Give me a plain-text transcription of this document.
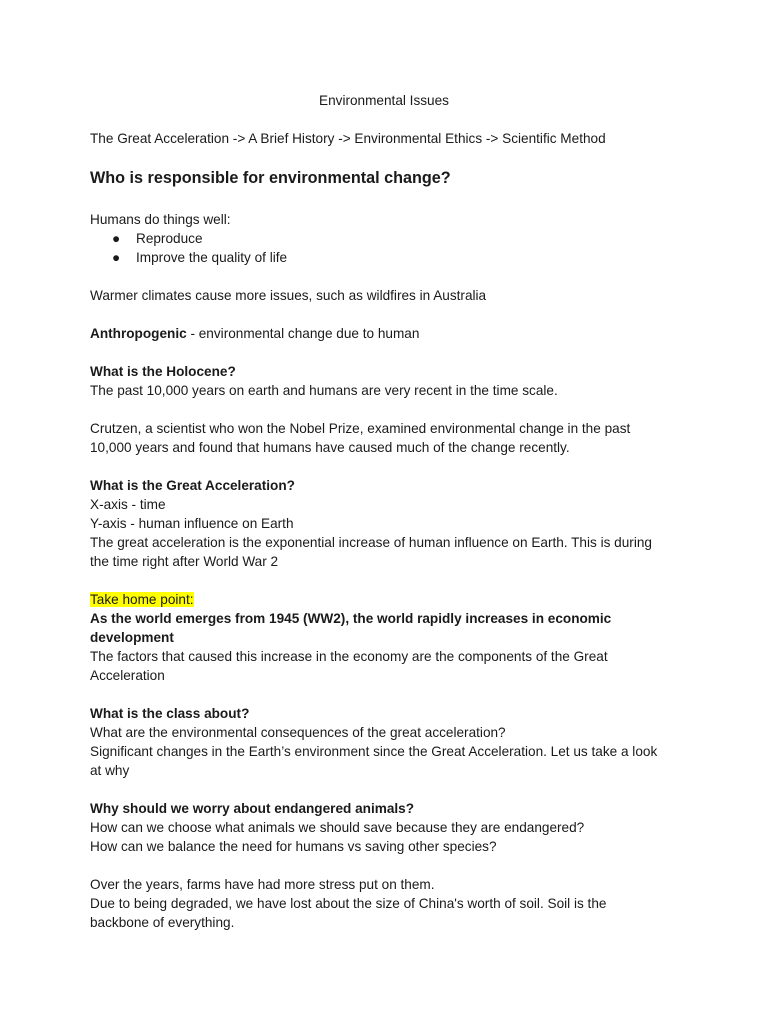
Environmental Issues
The Great Acceleration -> A Brief History -> Environmental Ethics -> Scientific Method
Who is responsible for environmental change?

Humans do things well:

● Reproduce
● Improve the quality of life

Warmer climates cause more issues, such as wildfires in Australia

Anthropogenic - environmental change due to human

What is the Holocene?

The past 10,000 years on earth and humans are very recent in the time scale.

Crutzen, a scientist who won the Nobel Prize, examined environmental change in the past

10,000 years and found that humans have caused much of the change recently.

What is the Great Acceleration?

X-axis - time

Y-axis - human influence on Earth

The great acceleration is the exponential increase of human influence on Earth. This is during

the time right after World War 2

Take home point:

As the world emerges from 1945 (WW2), the world rapidly increases in economic

development

The factors that caused this increase in the economy are the components of the Great

Acceleration

What is the class about?

What are the environmental consequences of the great acceleration?

Significant changes in the Earth’s environment since the Great Acceleration. Let us take a look

at why

Why should we worry about endangered animals?

How can we choose what animals we should save because they are endangered?

How can we balance the need for humans vs saving other species?

Over the years, farms have had more stress put on them.

Due to being degraded, we have lost about the size of China's worth of soil. Soil is the

backbone of everything.
